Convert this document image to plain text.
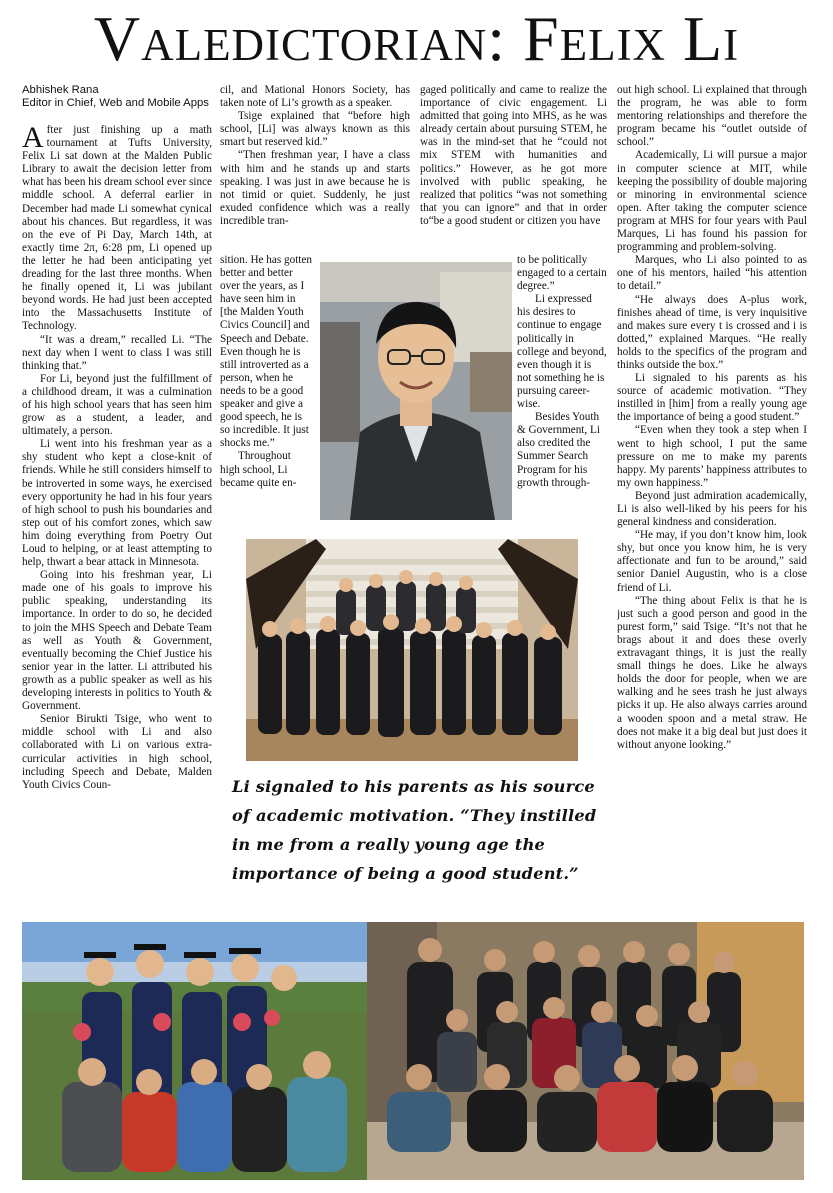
Valedictorian: Felix Li
Abhishek Rana
Editor in Chief, Web and Mobile Apps

After just finishing up a math tournament at Tufts University, Felix Li sat down at the Malden Public Library to await the decision letter from what has been his dream school ever since middle school. A deferral earlier in December had made Li somewhat cynical about his chances. But regardless, it was on the eve of Pi Day, March 14th, at exactly time 2π, 6:28 pm, Li opened up the letter he had been anticipating yet dreading for the last three months. When he finally opened it, Li was jubilant beyond words. He had just been accepted into the Massachusetts Institute of Technology.

“It was a dream,” recalled Li. “The next day when I went to class I was still thinking that.”

For Li, beyond just the fulfillment of a childhood dream, it was a culmination of his high school years that has seen him grow as a student, a leader, and ultimately, a person.

Li went into his freshman year as a shy student who kept a close-knit of friends. While he still considers himself to be introverted in some ways, he exercised every opportunity he had in his four years of high school to push his boundaries and step out of his comfort zones, which saw him doing everything from Poetry Out Loud to helping, or at least attempting to help, thwart a bear attack in Minnesota.

Going into his freshman year, Li made one of his goals to improve his public speaking, understanding its importance. In order to do so, he decided to join the MHS Speech and Debate Team as well as Youth & Government, eventually becoming the Chief Justice his senior year in the latter. Li attributed his growth as a public speaker as well as his developing interests in politics to Youth & Government.

Senior Birukti Tsige, who went to middle school with Li and also collaborated with Li on various extra-curricular activities in high school, including Speech and Debate, Malden Youth Civics Coun-

cil, and Mational Honors Society, has taken note of Li’s growth as a speaker.

Tsige explained that “before high school, [Li] was always known as this smart but reserved kid.”

“Then freshman year, I have a class with him and he stands up and starts speaking. I was just in awe because he is not timid or quiet. Suddenly, he just exuded confidence which was a really incredible tran-

sition. He has gotten better and better over the years, as I have seen him in [the Malden Youth Civics Council] and Speech and Debate. Even though he is still introverted as a person, when he needs to be a good speaker and give a good speech, he is so incredible. It just shocks me.”

Throughout high school, Li became quite en-

gaged politically and came to realize the importance of civic engagement. Li admitted that going into MHS, as he was already certain about pursuing STEM, he was in the mind-set that he “could not mix STEM with humanities and politics.” However, as he got more involved with public speaking, he realized that politics “was not something that you can ignore” and that in order to“be a good student or citizen you have

to be politically engaged to a certain degree.”

Li expressed his desires to continue to engage politically in college and beyond, even though it is not something he is pursuing career-wise.

Besides Youth & Government, Li also credited the Summer Search Program for his growth through-

out high school. Li explained that through the program, he was able to form mentoring relationships and therefore the program became his “outlet outside of school.”

Academically, Li will pursue a major in computer science at MIT, while keeping the possibility of double majoring or minoring in environmental science open. After taking the computer science program at MHS for four years with Paul Marques, Li has found his passion for programming and problem-solving.

Marques, who Li also pointed to as one of his mentors, hailed “his attention to detail.”

“He always does A-plus work, finishes ahead of time, is very inquisitive and makes sure every t is crossed and i is dotted,” explained Marques. “He really holds to the specifics of the program and thinks outside the box.”

Li signaled to his parents as his source of academic motivation. “They instilled in [him] from a really young age the importance of being a good student.”

“Even when they took a step when I went to high school, I put the same pressure on me to make my parents happy. My parents’ happiness attributes to my own happiness.”

Beyond just admiration academically, Li is also well-liked by his peers for his general kindness and consideration.

“He may, if you don’t know him, look shy, but once you know him, he is very affectionate and fun to be around,” said senior Daniel Augustin, who is a close friend of Li.

“The thing about Felix is that he is just such a good person and good in the purest form,” said Tsige. “It’s not that he brags about it and does these overly extravagant things, it is just the really small things he does. Like he always holds the door for people, when we are walking and he sees trash he just always picks it up. He also always carries around a wooden spoon and a metal straw. He does not make it a big deal but just does it without anyone looking.”

Li signaled to his parents as his source of academic motivation. “They instilled in me from a really young age the importance of being a good student.”
